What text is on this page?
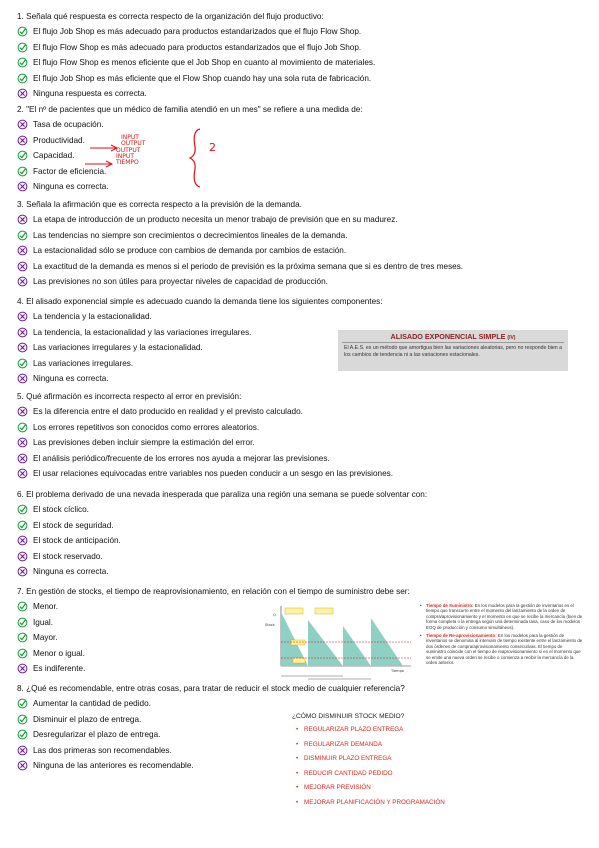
1. Señala qué respuesta es correcta respecto de la organización del flujo productivo:
El flujo Job Shop es más adecuado para productos estandarizados que el flujo Flow Shop.
El flujo Flow Shop es más adecuado para productos estandarizados que el flujo Job Shop.
El flujo Flow Shop es menos eficiente que el Job Shop en cuanto al movimiento de materiales.
El flujo Job Shop es más eficiente que el Flow Shop cuando hay una sola ruta de fabricación.
Ninguna respuesta es correcta.
2. "El nº de pacientes que un médico de familia atendió en un mes" se refiere a una medida de:
Tasa de ocupación.
Productividad.
Capacidad.
Factor de eficiencia.
Ninguna es correcta.
3. Señala la afirmación que es correcta respecto a la previsión de la demanda.
La etapa de introducción de un producto necesita un menor trabajo de previsión que en su madurez.
Las tendencias no siempre son crecimientos o decrecimientos lineales de la demanda.
La estacionalidad sólo se produce con cambios de demanda por cambios de estación.
La exactitud de la demanda es menos si el periodo de previsión es la próxima semana que si es dentro de tres meses.
Las previsiones no son útiles para proyectar niveles de capacidad de producción.
4. El alisado exponencial simple es adecuado cuando la demanda tiene los siguientes componentes:
La tendencia y la estacionalidad.
La tendencia, la estacionalidad y las variaciones irregulares.
Las variaciones irregulares y la estacionalidad.
Las variaciones irregulares.
Ninguna es correcta.
5. Qué afirmación es incorrecta respecto al error en previsión:
Es la diferencia entre el dato producido en realidad y el previsto calculado.
Los errores repetitivos son conocidos como errores aleatorios.
Las previsiones deben incluir siempre la estimación del error.
El análisis periódico/frecuente de los errores nos ayuda a mejorar las previsiones.
El usar relaciones equivocadas entre variables nos pueden conducir a un sesgo en las previsiones.
6. El problema derivado de una nevada inesperada que paraliza una región una semana se puede solventar con:
El stock cíclico.
El stock de seguridad.
El stock de anticipación.
El stock reservado.
Ninguna es correcta.
7. En gestión de stocks, el tiempo de reaprovisionamiento, en relación con el tiempo de suministro debe ser:
Menor.
Igual.
Mayor.
Menor o igual.
Es indiferente.
8. ¿Qué es recomendable, entre otras cosas, para tratar de reducir el stock medio de cualquier referencia?
Aumentar la cantidad de pedido.
Disminuir el plazo de entrega.
Desregularizar el plazo de entrega.
Las dos primeras son recomendables.
Ninguna de las anteriores es recomendable.
INPUT
OUTPUT
OUTPUT
INPUT
TIEMPO
2
ALISADO EXPONENCIAL SIMPLE (IV)
El A.E.S. es un método que amortigua bien las variaciones aleatorias, pero no responde bien a los cambios de tendencia ni a las variaciones estacionales.
Stock
Q
Tiempo
• Tiempo de Suministro: En los modelos para la gestión de inventarios es el tiempo que transcurre entre el momento del lanzamiento de la orden de compra/aprovisionamiento y el momento en que se recibe la mercancía (bien de forma completa o la entrega según una determinada tasa, caso de los modelos EOQ de producción y consumo simultáneos).
• Tiempo de Re-aprovisionamiento: En los modelos para la gestión de inventarios se denomina al intervalo de tiempo existente entre el lanzamiento de dos órdenes de compra/aprovisionamiento consecutivas. El tiempo de suministro coincide con el tiempo de reaprovisionamiento si en el momento que se emite una nueva orden se recibe o comienza a recibir la mercancía de la orden anterior.
¿CÓMO DISMINUIR STOCK MEDIO?
• REGULARIZAR PLAZO ENTREGA
• REGULARIZAR DEMANDA
• DISMINUIR PLAZO ENTREGA
• REDUCIR CANTIDAD PEDIDO
• MEJORAR PREVISIÓN
• MEJORAR PLANIFICACIÓN Y PROGRAMACIÓN
